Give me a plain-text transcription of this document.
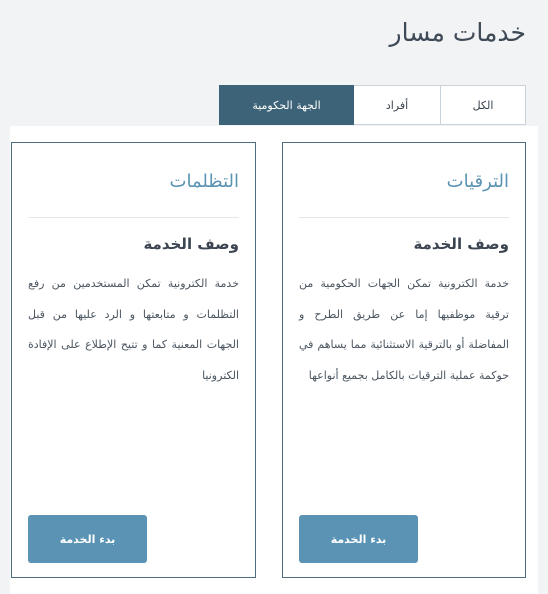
خدمات مسار
الكل
أفراد
الجهة الحكومية
الترقيات
وصف الخدمة
خدمة الكترونية تمكن الجهات الحكومية من ترقية موظفيها إما عن طريق الطرح و المفاضلة أو بالترقية الاستثنائية مما يساهم في حوكمة عملية الترقيات بالكامل بجميع أنواعها
بدء الخدمة
التظلمات
وصف الخدمة
خدمة الكترونية تمكن المستخدمين من رفع التظلمات و متابعتها و الرد عليها من قبل الجهات المعنية كما و تتيح الإطلاع على الإفادة الكترونيا
بدء الخدمة
